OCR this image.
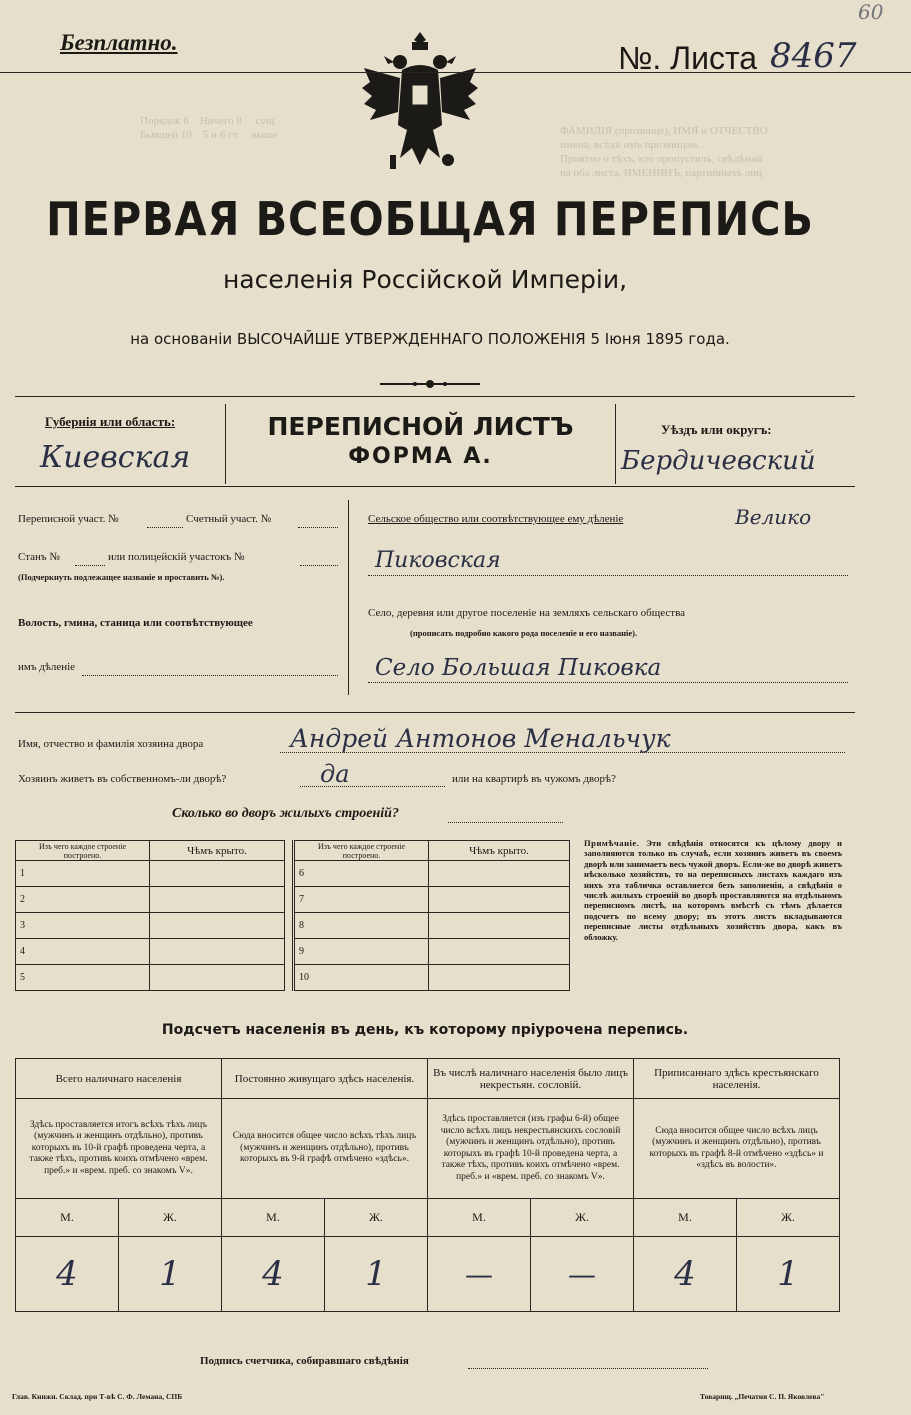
ФАМИЛІЯ (прозвище), ИМЯ и ОТЧЕСТВО
имена, всѣхъ имъ прозвищам.
Приятно о тѣхъ, кто пропустилъ, свѣдѣний
на оба листа, ИМЕНИНЪ, партийныхъ лиц

Порядок 6    Ничего 8     сущ
Бывшей 10    5 и 6 ст     выше
Безплатно.	№. Листа 8467
60
ПЕРВАЯ ВСЕОБЩАЯ ПЕРЕПИСЬ
населенія Россійской Имперіи,
на основаніи ВЫСОЧАЙШЕ УТВЕРЖДЕННАГО ПОЛОЖЕНІЯ 5 Іюня 1895 года.
Губернія или область:
Киевская
ПЕРЕПИСНОЙ ЛИСТЪ
ФОРМА А.
Уѣздъ или округъ:
Бердичевский
Переписной участ. №	Счетный участ. №
Станъ №	или полицейскій участокъ №
(Подчеркнуть подлежащее названіе и проставить №).
Волость, гмина, станица или соотвѣтствующее
имъ дѣленіе
Сельское общество или соотвѣтствующее ему дѣленіе	Велико
Пиковская
Село, деревня или другое поселеніе на земляхъ сельскаго общества
(прописать подробно какого рода поселеніе и его названіе).
Село Большая Пиковка
Имя, отчество и фамилія хозяина двора	Андрей Антонов Менальчук
Хозяинъ живетъ въ собственномъ-ли дворѣ?	да	или на квартирѣ въ чужомъ дворѣ?
Сколько во дворъ жилыхъ строеній?
Изъ чего каждое строеніе построено.	Чѣмъ крыто.
1	
2	
3	
4	
5	
Изъ чего каждое строеніе построено.	Чѣмъ крыто.
6	
7	
8	
9	
10	
Примѣчаніе. Эти свѣдѣнія относятся къ цѣлому двору и заполняются только въ случаѣ, если хозяинъ живетъ въ своемъ дворѣ или занимаетъ весь чужой дворъ. Если-же во дворѣ живетъ нѣсколько хозяйствъ, то на переписныхъ листахъ каждаго изъ нихъ эта табличка оставляется безъ заполненія, а свѣдѣнія о числѣ жилыхъ строеній во дворѣ проставляются на отдѣльномъ переписномъ листѣ, на которомъ вмѣстѣ съ тѣмъ дѣлается подсчетъ по всему двору; въ этотъ листъ вкладываются переписные листы отдѣльныхъ хозяйствъ двора, какъ въ обложку.
Подсчетъ населенія въ день, къ которому пріурочена перепись.
Всего наличнаго населенія		Постоянно живущаго здѣсь населенія.		Въ числѣ наличнаго населенія было лицъ некрестьян. сословій.		Приписаннаго здѣсь крестьянскаго населенія.	
Здѣсь проставляется итогъ всѣхъ тѣхъ лицъ (мужчинъ и женщинъ отдѣльно), противъ которыхъ въ 10-й графѣ проведена черта, а также тѣхъ, противъ коихъ отмѣчено «врем. преб.» и «врем. преб. со знакомъ V».		Сюда вносится общее число всѣхъ тѣхъ лицъ (мужчинъ и женщинъ отдѣльно), противъ которыхъ въ 9-й графѣ отмѣчено «здѣсь».		Здѣсь проставляется (изъ графы 6-й) общее число всѣхъ лицъ некрестьянскихъ сословій (мужчинъ и женщинъ отдѣльно), противъ которыхъ въ графѣ 10-й проведена черта, а также тѣхъ, противъ коихъ отмѣчено «врем. преб.» и «врем. преб. со знакомъ V».		Сюда вносится общее число всѣхъ лицъ (мужчинъ и женщинъ отдѣльно), противъ которыхъ въ графѣ 8-й отмѣчено «здѣсь» и «здѣсь въ волости».	
М.	Ж.	М.	Ж.	М.	Ж.	М.	Ж.
4	1	4	1	—	—	4	1
Подпись счетчика, собиравшаго свѣдѣнія
Глав. Книжн. Склад. при Т-вѣ С. Ф. Лемана, СПБ	Товарищ. „Печатня С. П. Яковлева"
